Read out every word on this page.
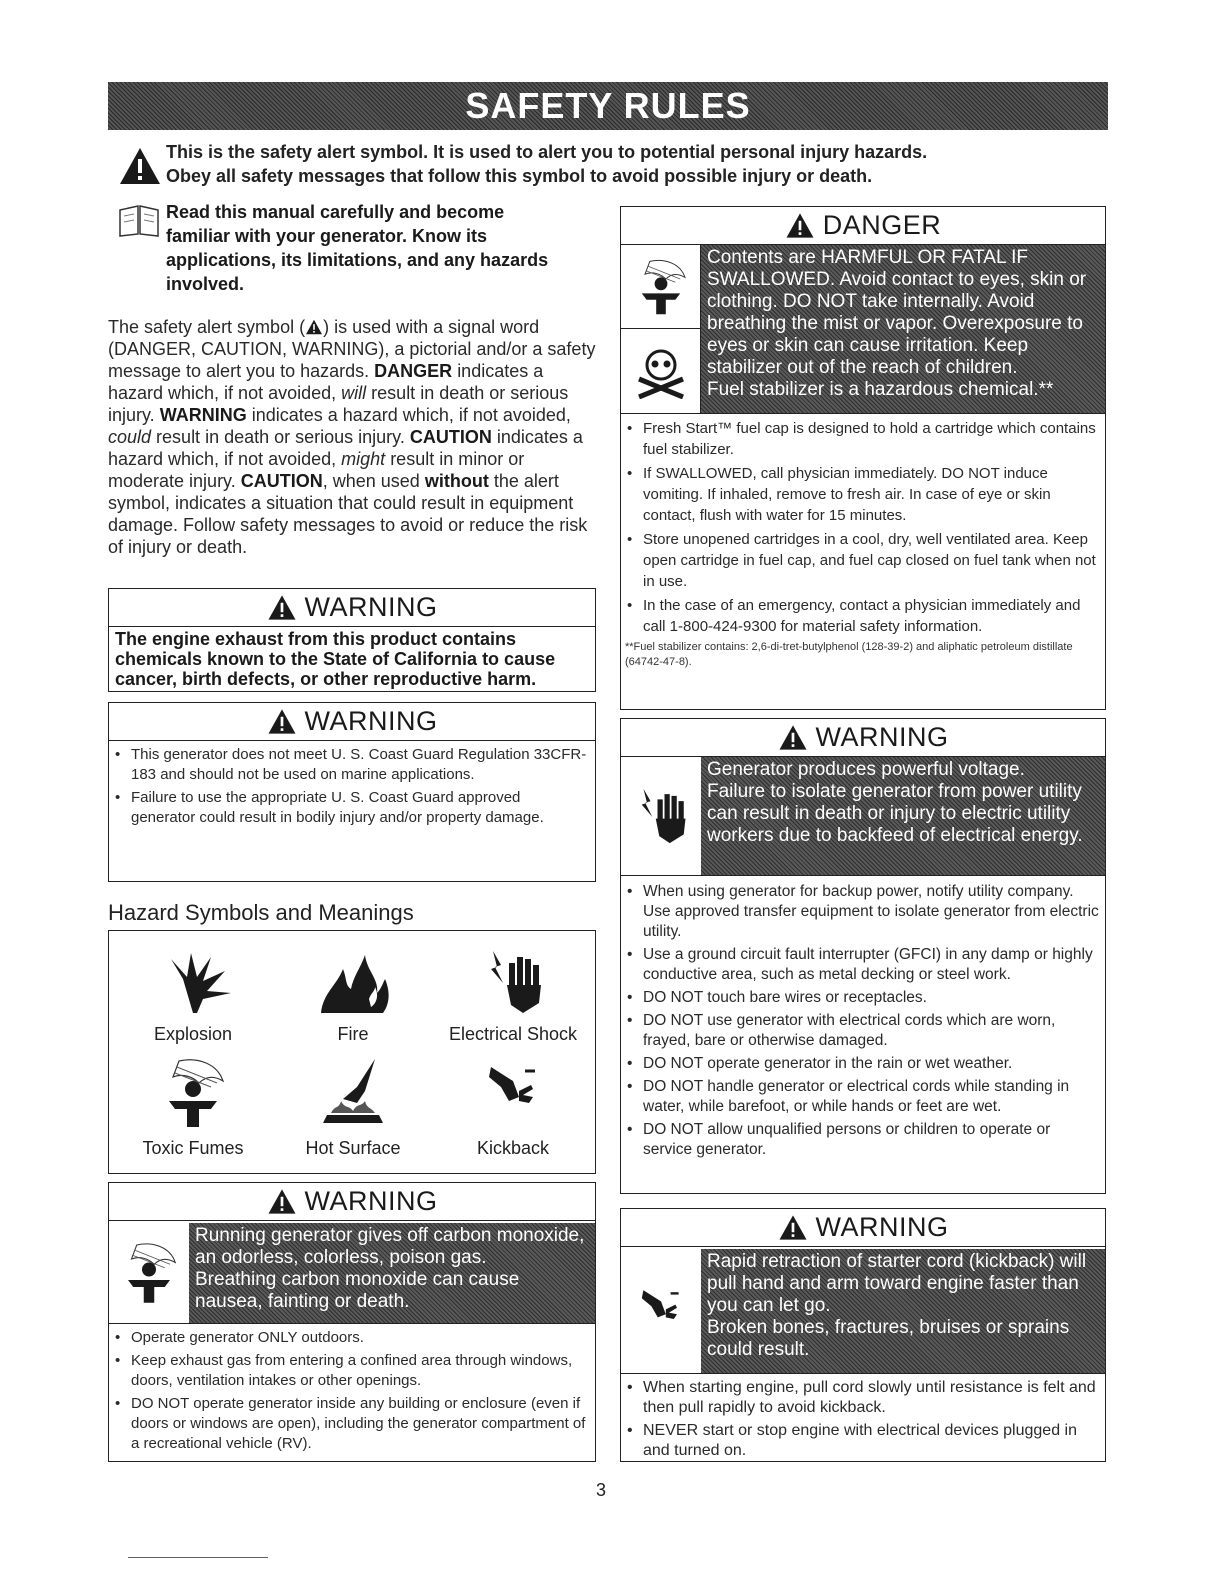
SAFETY RULES

This is the safety alert symbol. It is used to alert you to potential personal injury hazards.
Obey all safety messages that follow this symbol to avoid possible injury or death.

Read this manual carefully and become
familiar with your generator. Know its
applications, its limitations, and any hazards
involved.

The safety alert symbol ( ) is used with a signal word (DANGER, CAUTION, WARNING), a pictorial and/or a safety message to alert you to hazards. DANGER indicates a hazard which, if not avoided, will result in death or serious injury. WARNING indicates a hazard which, if not avoided, could result in death or serious injury. CAUTION indicates a hazard which, if not avoided, might result in minor or moderate injury. CAUTION, when used without the alert symbol, indicates a situation that could result in equipment damage. Follow safety messages to avoid or reduce the risk of injury or death.
WARNING
The engine exhaust from this product contains
chemicals known to the State of California to cause
cancer, birth defects, or other reproductive harm.
WARNING
• This generator does not meet U. S. Coast Guard Regulation 33CFR-183 and should not be used on marine applications.
• Failure to use the appropriate U. S. Coast Guard approved generator could result in bodily injury and/or property damage.
Hazard Symbols and Meanings
Explosion	Fire	Electrical Shock
Toxic Fumes	Hot Surface	Kickback
WARNING
Running generator gives off carbon monoxide, an odorless, colorless, poison gas.
Breathing carbon monoxide can cause nausea, fainting or death.
• Operate generator ONLY outdoors.
• Keep exhaust gas from entering a confined area through windows, doors, ventilation intakes or other openings.
• DO NOT operate generator inside any building or enclosure (even if doors or windows are open), including the generator compartment of a recreational vehicle (RV).
DANGER
Contents are HARMFUL OR FATAL IF SWALLOWED. Avoid contact to eyes, skin or clothing. DO NOT take internally. Avoid breathing the mist or vapor. Overexposure to eyes or skin can cause irritation. Keep stabilizer out of the reach of children.
Fuel stabilizer is a hazardous chemical.**
• Fresh Start™ fuel cap is designed to hold a cartridge which contains fuel stabilizer.
• If SWALLOWED, call physician immediately. DO NOT induce vomiting. If inhaled, remove to fresh air. In case of eye or skin contact, flush with water for 15 minutes.
• Store unopened cartridges in a cool, dry, well ventilated area. Keep open cartridge in fuel cap, and fuel cap closed on fuel tank when not in use.
• In the case of an emergency, contact a physician immediately and call 1-800-424-9300 for material safety information.
**Fuel stabilizer contains: 2,6-di-tret-butylphenol (128-39-2) and aliphatic petroleum distillate (64742-47-8).
WARNING
Generator produces powerful voltage.
Failure to isolate generator from power utility can result in death or injury to electric utility workers due to backfeed of electrical energy.
• When using generator for backup power, notify utility company. Use approved transfer equipment to isolate generator from electric utility.
• Use a ground circuit fault interrupter (GFCI) in any damp or highly conductive area, such as metal decking or steel work.
• DO NOT touch bare wires or receptacles.
• DO NOT use generator with electrical cords which are worn, frayed, bare or otherwise damaged.
• DO NOT operate generator in the rain or wet weather.
• DO NOT handle generator or electrical cords while standing in water, while barefoot, or while hands or feet are wet.
• DO NOT allow unqualified persons or children to operate or service generator.
WARNING
Rapid retraction of starter cord (kickback) will pull hand and arm toward engine faster than you can let go.
Broken bones, fractures, bruises or sprains could result.
• When starting engine, pull cord slowly until resistance is felt and then pull rapidly to avoid kickback.
• NEVER start or stop engine with electrical devices plugged in and turned on.
3
